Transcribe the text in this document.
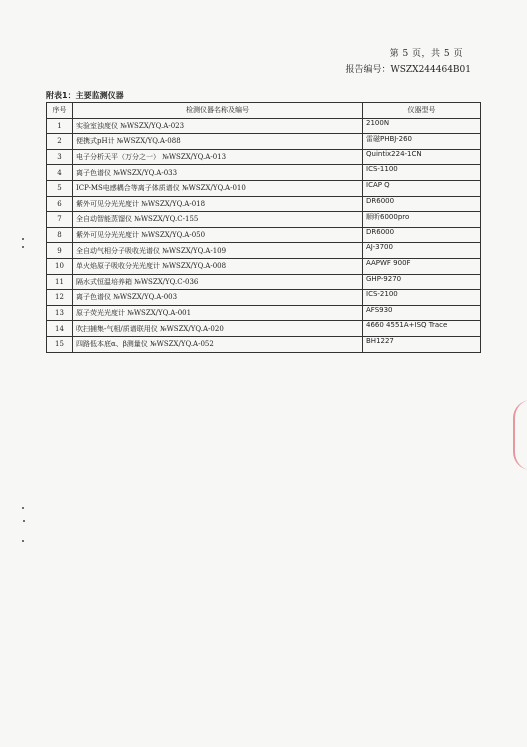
第 5 页，共 5 页
报告编号：WSZX244464B01
附表1：主要监测仪器
序号	检测仪器名称及编号	仪器型号
1	实验室浊度仪 №WSZX/YQ.A-023	2100N
2	便携式pH计 №WSZX/YQ.A-088	雷磁PHBJ-260
3	电子分析天平（万分之一） №WSZX/YQ.A-013	Quintix224-1CN
4	离子色谱仪 №WSZX/YQ.A-033	ICS-1100
5	ICP-MS电感耦合等离子体质谱仪 №WSZX/YQ.A-010	ICAP Q
6	紫外可见分光光度计 №WSZX/YQ.A-018	DR6000
7	全自动智能蒸馏仪 №WSZX/YQ.C-155	顺昕6000pro
8	紫外可见分光光度计 №WSZX/YQ.A-050	DR6000
9	全自动气相分子吸收光谱仪 №WSZX/YQ.A-109	AJ-3700
10	单火焰原子吸收分光光度计 №WSZX/YQ.A-008	AAPWF 900F
11	隔水式恒温培养箱 №WSZX/YQ.C-036	GHP-9270
12	离子色谱仪 №WSZX/YQ.A-003	ICS-2100
13	原子荧光光度计 №WSZX/YQ.A-001	AFS930
14	吹扫捕集-气相/质谱联用仪 №WSZX/YQ.A-020	4660 4551A+ISQ Trace
15	四路低本底α、β测量仪 №WSZX/YQ.A-052	BH1227
